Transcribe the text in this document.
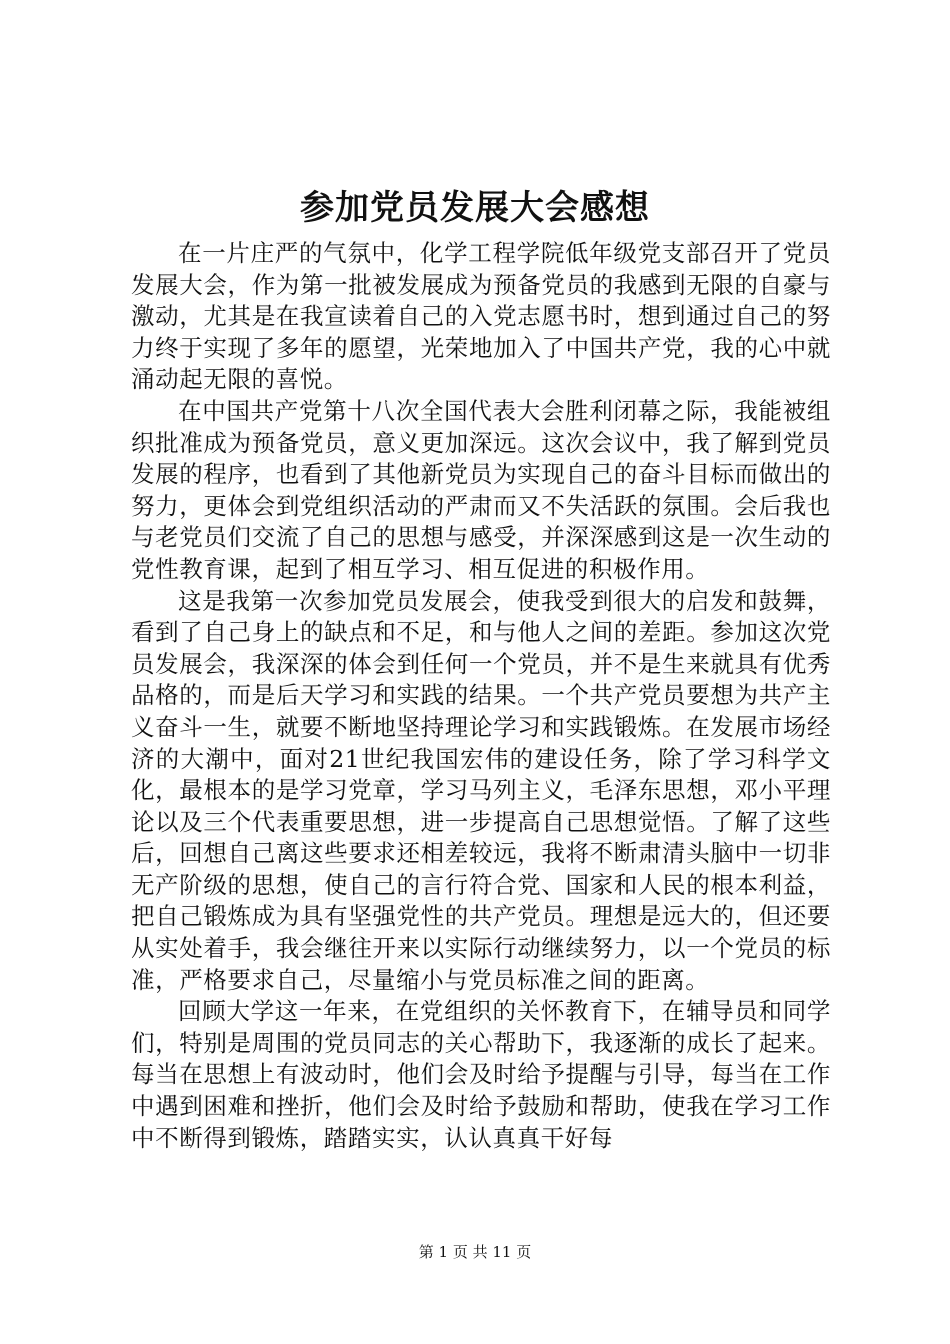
参加党员发展大会感想

在一片庄严的气氛中，化学工程学院低年级党支部召开了党员发展大会，作为第一批被发展成为预备党员的我感到无限的自豪与激动，尤其是在我宣读着自己的入党志愿书时，想到通过自己的努力终于实现了多年的愿望，光荣地加入了中国共产党，我的心中就涌动起无限的喜悦。

在中国共产党第十八次全国代表大会胜利闭幕之际，我能被组织批准成为预备党员，意义更加深远。这次会议中，我了解到党员发展的程序，也看到了其他新党员为实现自己的奋斗目标而做出的努力，更体会到党组织活动的严肃而又不失活跃的氛围。会后我也与老党员们交流了自己的思想与感受，并深深感到这是一次生动的党性教育课，起到了相互学习、相互促进的积极作用。

这是我第一次参加党员发展会，使我受到很大的启发和鼓舞，看到了自己身上的缺点和不足，和与他人之间的差距。参加这次党员发展会，我深深的体会到任何一个党员，并不是生来就具有优秀品格的，而是后天学习和实践的结果。一个共产党员要想为共产主义奋斗一生，就要不断地坚持理论学习和实践锻炼。在发展市场经济的大潮中，面对21世纪我国宏伟的建设任务，除了学习科学文化，最根本的是学习党章，学习马列主义，毛泽东思想，邓小平理论以及三个代表重要思想，进一步提高自己思想觉悟。了解了这些后，回想自己离这些要求还相差较远，我将不断肃清头脑中一切非无产阶级的思想，使自己的言行符合党、国家和人民的根本利益，把自己锻炼成为具有坚强党性的共产党员。理想是远大的，但还要从实处着手，我会继往开来以实际行动继续努力，以一个党员的标准，严格要求自己，尽量缩小与党员标准之间的距离。

回顾大学这一年来，在党组织的关怀教育下，在辅导员和同学们，特别是周围的党员同志的关心帮助下，我逐渐的成长了起来。每当在思想上有波动时，他们会及时给予提醒与引导，每当在工作中遇到困难和挫折，他们会及时给予鼓励和帮助，使我在学习工作中不断得到锻炼，踏踏实实，认认真真干好每

第 1 页 共 11 页
